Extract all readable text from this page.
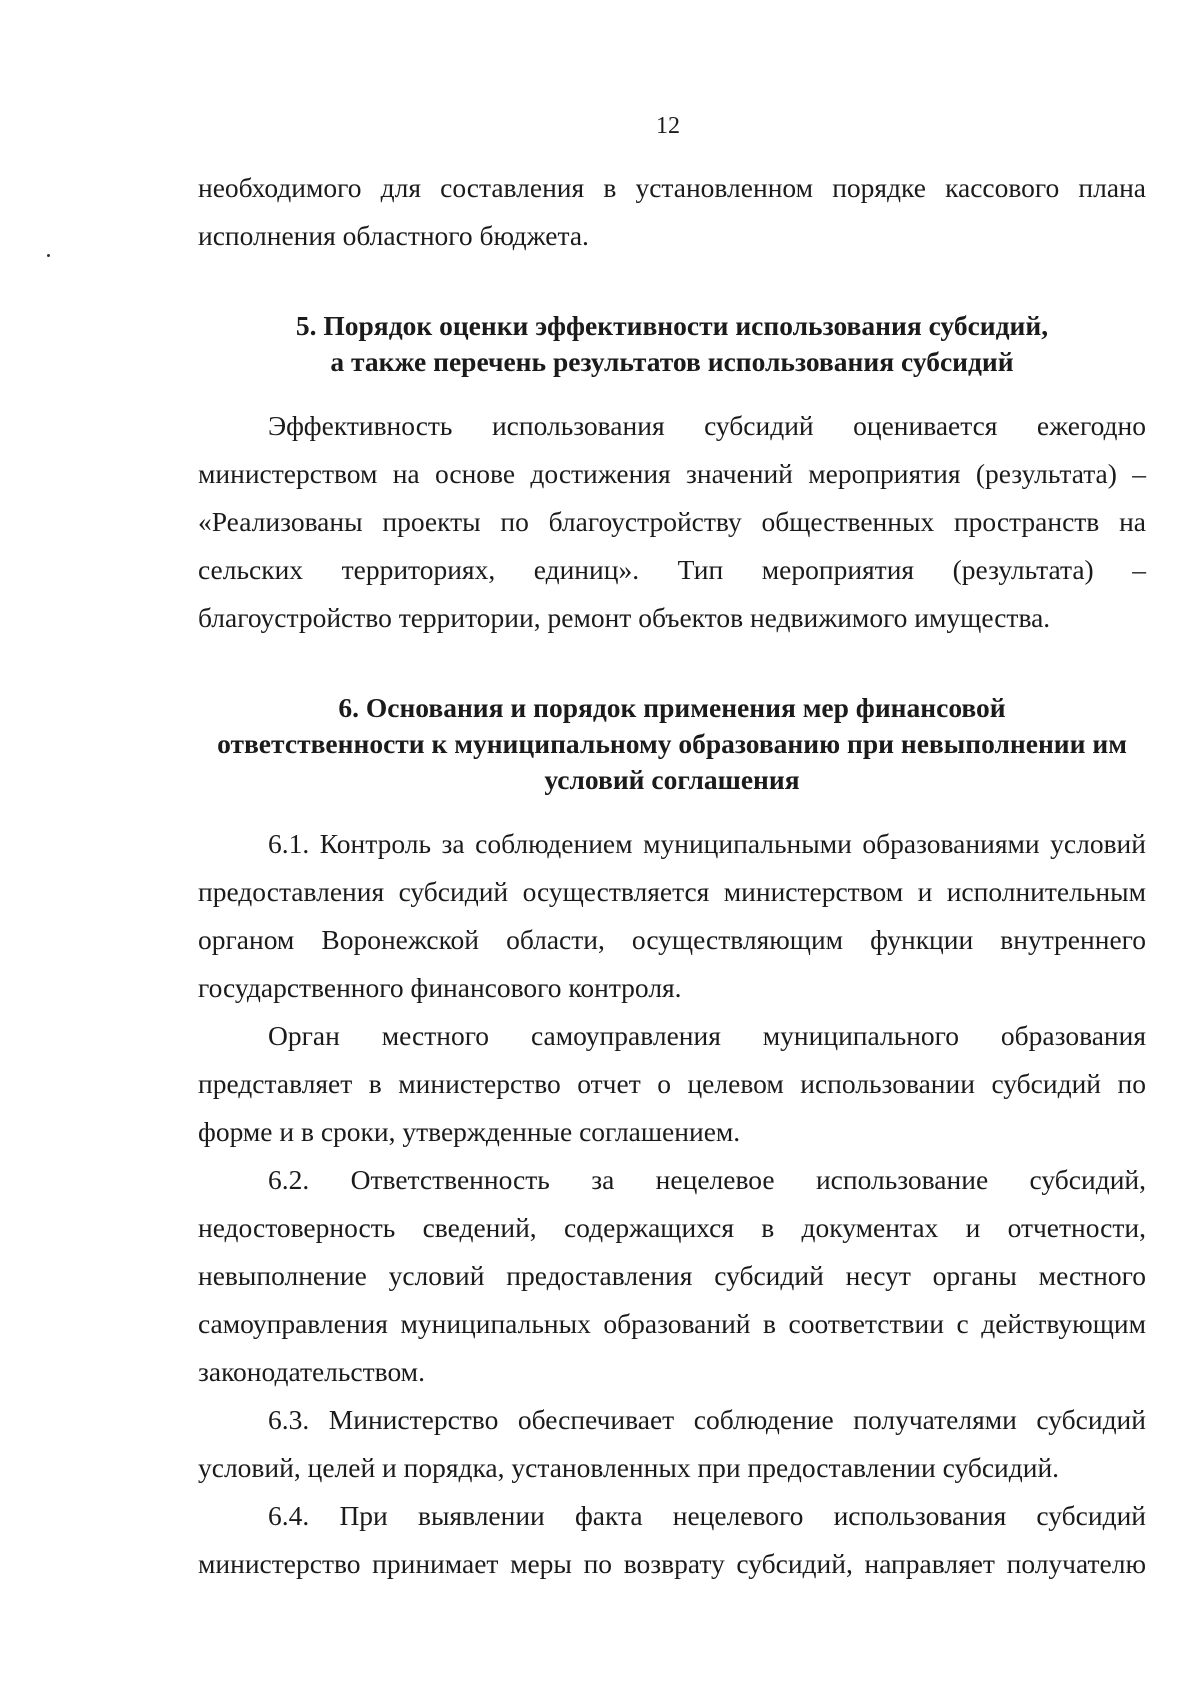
12

необходимого для составления в установленном порядке кассового плана исполнения областного бюджета.

5. Порядок оценки эффективности использования субсидий,
а также перечень результатов использования субсидий

Эффективность использования субсидий оценивается ежегодно министерством на основе достижения значений мероприятия (результата) – «Реализованы проекты по благоустройству общественных пространств на сельских территориях, единиц». Тип мероприятия (результата) – благоустройство территории, ремонт объектов недвижимого имущества.

6. Основания и порядок применения мер финансовой
ответственности к муниципальному образованию при невыполнении им
условий соглашения

6.1. Контроль за соблюдением муниципальными образованиями условий предоставления субсидий осуществляется министерством и исполнительным органом Воронежской области, осуществляющим функции внутреннего государственного финансового контроля.

Орган местного самоуправления муниципального образования представляет в министерство отчет о целевом использовании субсидий по форме и в сроки, утвержденные соглашением.

6.2. Ответственность за нецелевое использование субсидий, недостоверность сведений, содержащихся в документах и отчетности, невыполнение условий предоставления субсидий несут органы местного самоуправления муниципальных образований в соответствии с действующим законодательством.

6.3. Министерство обеспечивает соблюдение получателями субсидий условий, целей и порядка, установленных при предоставлении субсидий.

6.4. При выявлении факта нецелевого использования субсидий министерство принимает меры по возврату субсидий, направляет получателю
